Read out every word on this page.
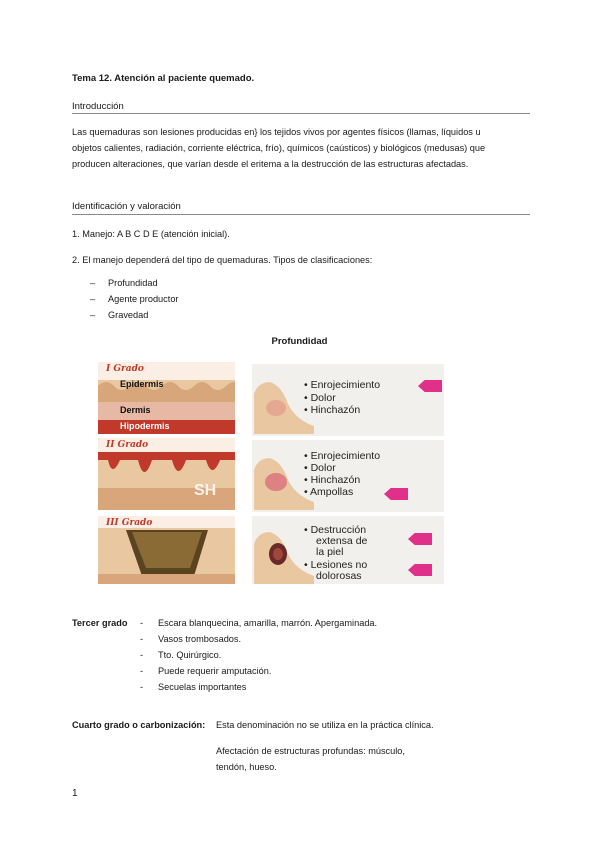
Tema 12. Atención al paciente quemado.
Introducción
Las quemaduras son lesiones producidas en} los tejidos vivos por agentes físicos (llamas, líquidos u
objetos calientes, radiación, corriente eléctrica, frío), químicos (caústicos) y biológicos (medusas) que
producen alteraciones, que varían desde el eritema a la destrucción de las estructuras afectadas.
Identificación y valoración
1. Manejo: A B C D E (atención inicial).
2. El manejo dependerá del tipo de quemaduras. Tipos de clasificaciones:
– Profundidad
– Agente productor
– Gravedad
Profundidad
I Grado
Epidermis
Dermis
Hipodermis
• Enrojecimiento
• Dolor
• Hinchazón
II Grado
SH
• Enrojecimiento
• Dolor
• Hinchazón
• Ampollas
III Grado
• Destrucción
extensa de
la piel
• Lesiones no
dolorosas
Tercer grado - Escara blanquecina, amarilla, marrón. Apergaminada.
- Vasos trombosados.
- Tto. Quirúrgico.
- Puede requerir amputación.
- Secuelas importantes
Cuarto grado o carbonización: Esta denominación no se utiliza en la práctica clínica.
Afectación de estructuras profundas: músculo,
tendón, hueso.
1
